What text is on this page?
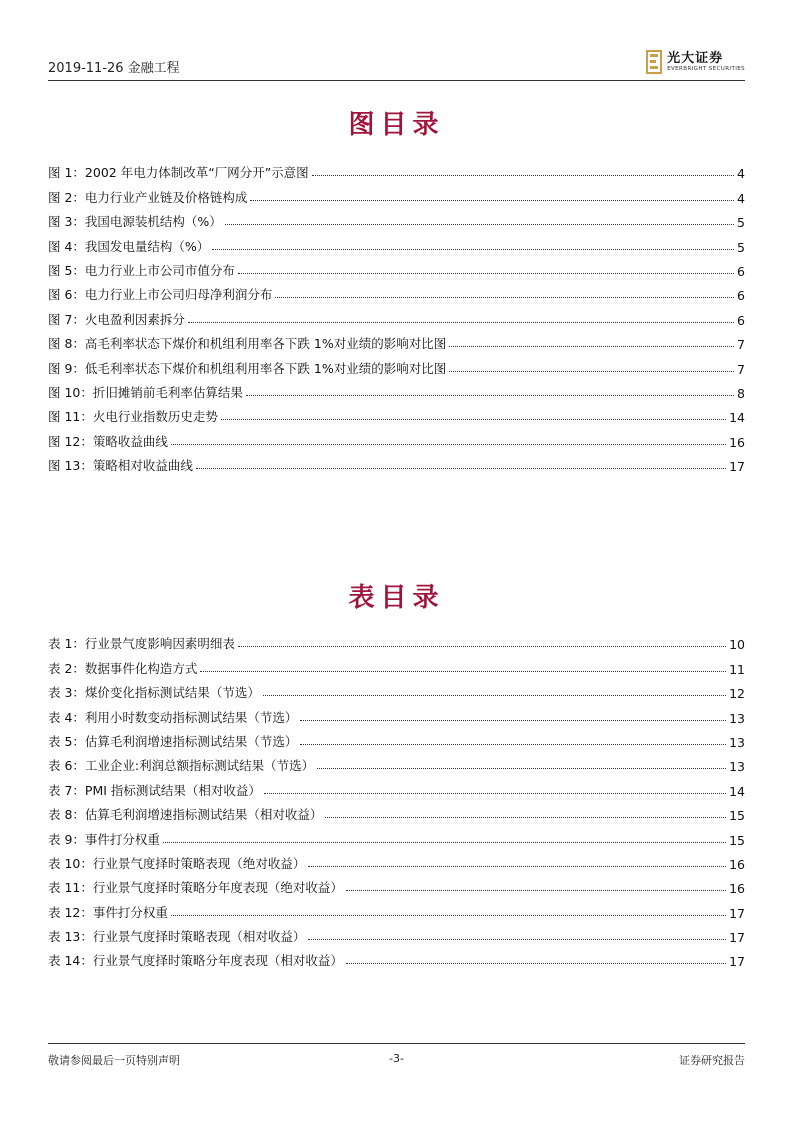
2019-11-26 金融工程
光大证券
EVERBRIGHT SECURITIES
图目录
图 1：2002 年电力体制改革“厂网分开”示意图	4
图 2：电力行业产业链及价格链构成	4
图 3：我国电源装机结构（%）	5
图 4：我国发电量结构（%）	5
图 5：电力行业上市公司市值分布	6
图 6：电力行业上市公司归母净利润分布	6
图 7：火电盈利因素拆分	6
图 8：高毛利率状态下煤价和机组利用率各下跌 1%对业绩的影响对比图	7
图 9：低毛利率状态下煤价和机组利用率各下跌 1%对业绩的影响对比图	7
图 10：折旧摊销前毛利率估算结果	8
图 11：火电行业指数历史走势	14
图 12：策略收益曲线	16
图 13：策略相对收益曲线	17
表目录
表 1：行业景气度影响因素明细表	10
表 2：数据事件化构造方式	11
表 3：煤价变化指标测试结果（节选）	12
表 4：利用小时数变动指标测试结果（节选）	13
表 5：估算毛利润增速指标测试结果（节选）	13
表 6：工业企业:利润总额指标测试结果（节选）	13
表 7：PMI 指标测试结果（相对收益）	14
表 8：估算毛利润增速指标测试结果（相对收益）	15
表 9：事件打分权重	15
表 10：行业景气度择时策略表现（绝对收益）	16
表 11：行业景气度择时策略分年度表现（绝对收益）	16
表 12：事件打分权重	17
表 13：行业景气度择时策略表现（相对收益）	17
表 14：行业景气度择时策略分年度表现（相对收益）	17
敬请参阅最后一页特别声明	-3-	证券研究报告
